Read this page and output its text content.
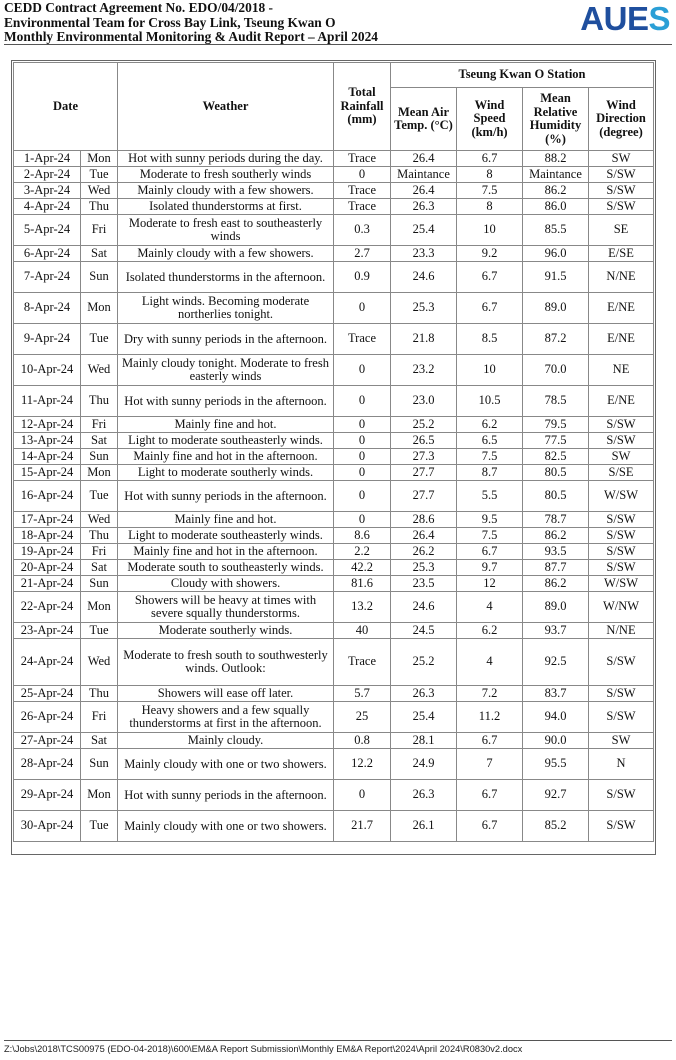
CEDD Contract Agreement No. EDO/04/2018 -
Environmental Team for Cross Bay Link, Tseung Kwan O
Monthly Environmental Monitoring & Audit Report – April 2024	AUES
Date		Weather	Total Rainfall (mm)	Tseung Kwan O Station			
				Mean Air Temp. (°C)	Wind Speed (km/h)	Mean Relative Humidity (%)	Wind Direction (degree)
1-Apr-24	Mon	Hot with sunny periods during the day.	Trace	26.4	6.7	88.2	SW
2-Apr-24	Tue	Moderate to fresh southerly winds	0	Maintance	8	Maintance	S/SW
3-Apr-24	Wed	Mainly cloudy with a few showers.	Trace	26.4	7.5	86.2	S/SW
4-Apr-24	Thu	Isolated thunderstorms at first.	Trace	26.3	8	86.0	S/SW
5-Apr-24	Fri	Moderate to fresh east to southeasterly winds	0.3	25.4	10	85.5	SE
6-Apr-24	Sat	Mainly cloudy with a few showers.	2.7	23.3	9.2	96.0	E/SE
7-Apr-24	Sun	Isolated thunderstorms in the afternoon.	0.9	24.6	6.7	91.5	N/NE
8-Apr-24	Mon	Light winds. Becoming moderate northerlies tonight.	0	25.3	6.7	89.0	E/NE
9-Apr-24	Tue	Dry with sunny periods in the afternoon.	Trace	21.8	8.5	87.2	E/NE
10-Apr-24	Wed	Mainly cloudy tonight. Moderate to fresh easterly winds	0	23.2	10	70.0	NE
11-Apr-24	Thu	Hot with sunny periods in the afternoon.	0	23.0	10.5	78.5	E/NE
12-Apr-24	Fri	Mainly fine and hot.	0	25.2	6.2	79.5	S/SW
13-Apr-24	Sat	Light to moderate southeasterly winds.	0	26.5	6.5	77.5	S/SW
14-Apr-24	Sun	Mainly fine and hot in the afternoon.	0	27.3	7.5	82.5	SW
15-Apr-24	Mon	Light to moderate southerly winds.	0	27.7	8.7	80.5	S/SE
16-Apr-24	Tue	Hot with sunny periods in the afternoon.	0	27.7	5.5	80.5	W/SW
17-Apr-24	Wed	Mainly fine and hot.	0	28.6	9.5	78.7	S/SW
18-Apr-24	Thu	Light to moderate southeasterly winds.	8.6	26.4	7.5	86.2	S/SW
19-Apr-24	Fri	Mainly fine and hot in the afternoon.	2.2	26.2	6.7	93.5	S/SW
20-Apr-24	Sat	Moderate south to southeasterly winds.	42.2	25.3	9.7	87.7	S/SW
21-Apr-24	Sun	Cloudy with showers.	81.6	23.5	12	86.2	W/SW
22-Apr-24	Mon	Showers will be heavy at times with severe squally thunderstorms.	13.2	24.6	4	89.0	W/NW
23-Apr-24	Tue	Moderate southerly winds.	40	24.5	6.2	93.7	N/NE
24-Apr-24	Wed	Moderate to fresh south to southwesterly winds. Outlook:	Trace	25.2	4	92.5	S/SW
25-Apr-24	Thu	Showers will ease off later.	5.7	26.3	7.2	83.7	S/SW
26-Apr-24	Fri	Heavy showers and a few squally thunderstorms at first in the afternoon.	25	25.4	11.2	94.0	S/SW
27-Apr-24	Sat	Mainly cloudy.	0.8	28.1	6.7	90.0	SW
28-Apr-24	Sun	Mainly cloudy with one or two showers.	12.2	24.9	7	95.5	N
29-Apr-24	Mon	Hot with sunny periods in the afternoon.	0	26.3	6.7	92.7	S/SW
30-Apr-24	Tue	Mainly cloudy with one or two showers.	21.7	26.1	6.7	85.2	S/SW
Z:\Jobs\2018\TCS00975 (EDO-04-2018)\600\EM&A Report Submission\Monthly EM&A Report\2024\April 2024\R0830v2.docx
